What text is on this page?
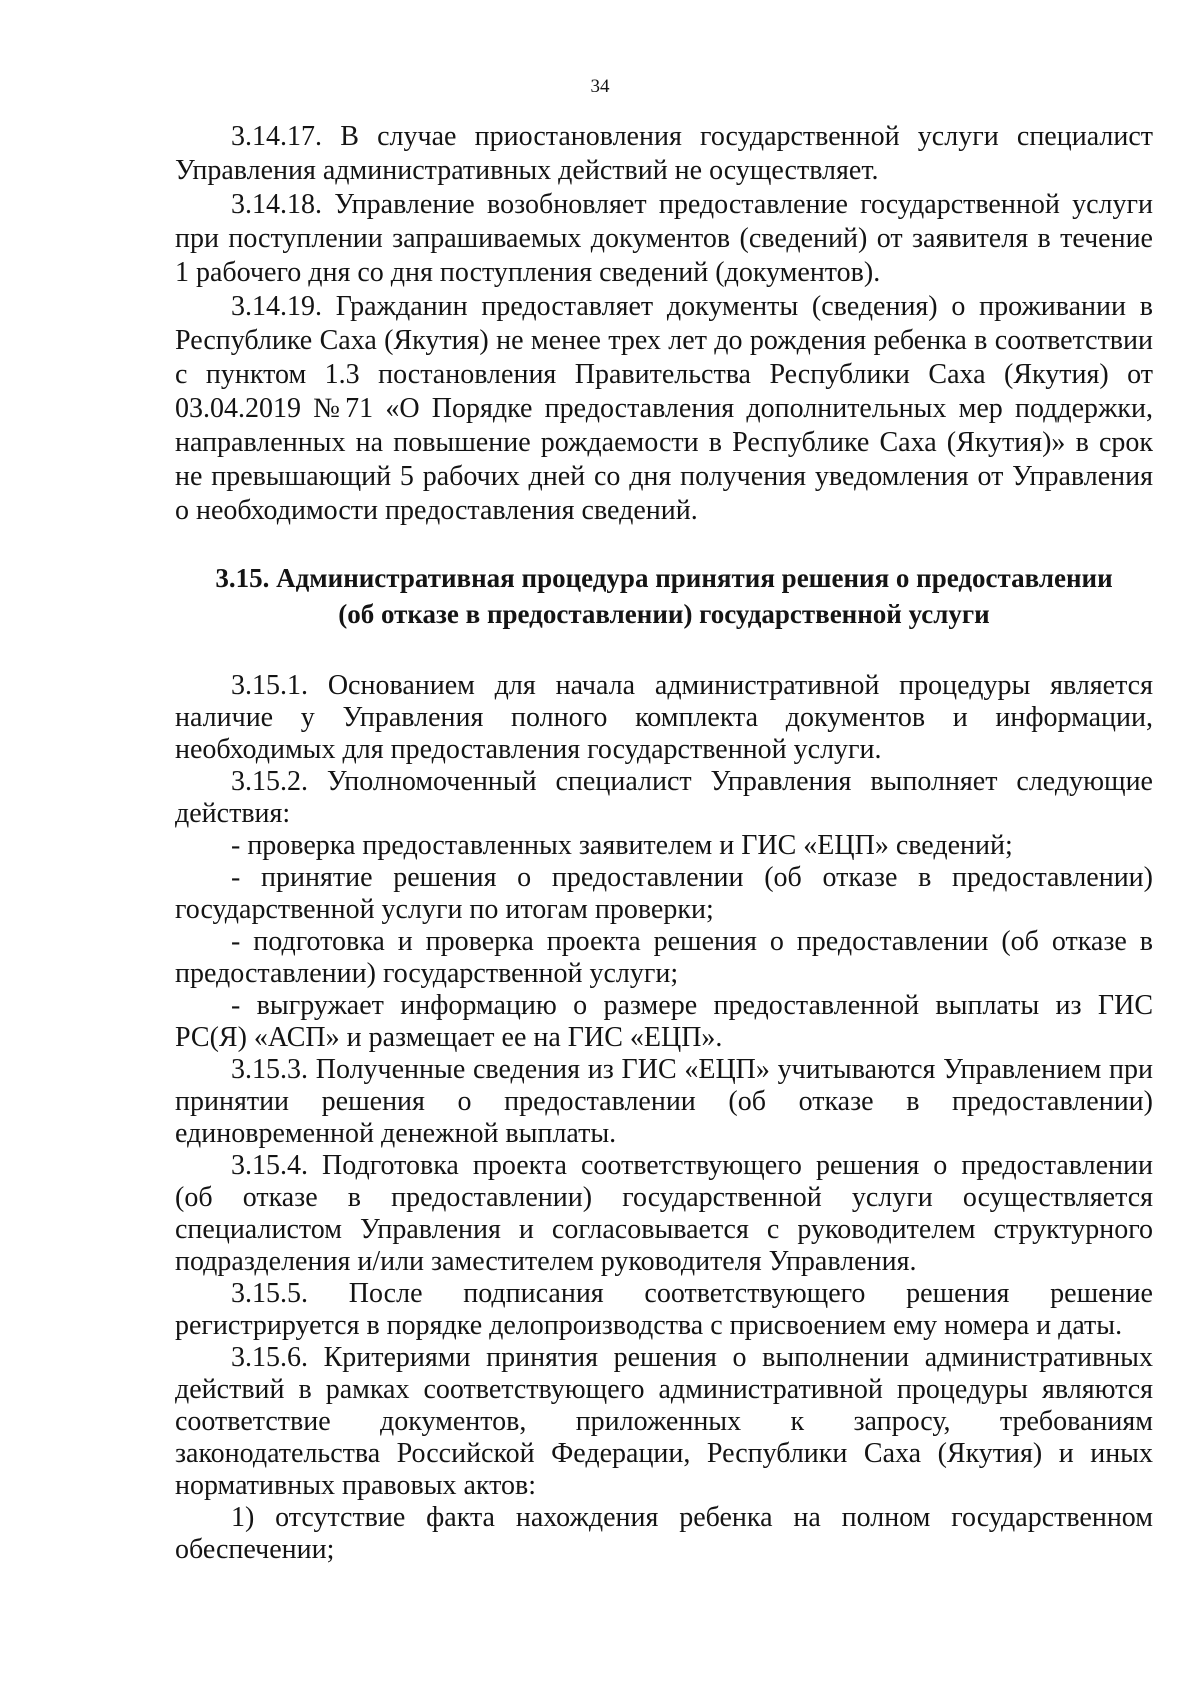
34

3.14.17. В случае приостановления государственной услуги специалист Управления административных действий не осуществляет.

3.14.18. Управление возобновляет предоставление государственной услуги при поступлении запрашиваемых документов (сведений) от заявителя в течение 1 рабочего дня со дня поступления сведений (документов).

3.14.19. Гражданин предоставляет документы (сведения) о проживании в Республике Саха (Якутия) не менее трех лет до рождения ребенка в соответствии с пунктом 1.3 постановления Правительства Республики Саха (Якутия) от 03.04.2019 №71 «О Порядке предоставления дополнительных мер поддержки, направленных на повышение рождаемости в Республике Саха (Якутия)» в срок не превышающий 5 рабочих дней со дня получения уведомления от Управления о необходимости предоставления сведений.

3.15. Административная процедура принятия решения о предоставлении
(об отказе в предоставлении) государственной услуги

3.15.1. Основанием для начала административной процедуры является наличие у Управления полного комплекта документов и информации, необходимых для предоставления государственной услуги.

3.15.2. Уполномоченный специалист Управления выполняет следующие действия:

- проверка предоставленных заявителем и ГИС «ЕЦП» сведений;

- принятие решения о предоставлении (об отказе в предоставлении) государственной услуги по итогам проверки;

- подготовка и проверка проекта решения о предоставлении (об отказе в предоставлении) государственной услуги;

- выгружает информацию о размере предоставленной выплаты из ГИС РС(Я) «АСП» и размещает ее на ГИС «ЕЦП».

3.15.3. Полученные сведения из ГИС «ЕЦП» учитываются Управлением при принятии решения о предоставлении (об отказе в предоставлении) единовременной денежной выплаты.

3.15.4. Подготовка проекта соответствующего решения о предоставлении (об отказе в предоставлении) государственной услуги осуществляется специалистом Управления и согласовывается с руководителем структурного подразделения и/или заместителем руководителя Управления.

3.15.5. После подписания соответствующего решения решение регистрируется в порядке делопроизводства с присвоением ему номера и даты.

3.15.6. Критериями принятия решения о выполнении административных действий в рамках соответствующего административной процедуры являются соответствие документов, приложенных к запросу, требованиям законодательства Российской Федерации, Республики Саха (Якутия) и иных нормативных правовых актов:

1) отсутствие факта нахождения ребенка на полном государственном обеспечении;
